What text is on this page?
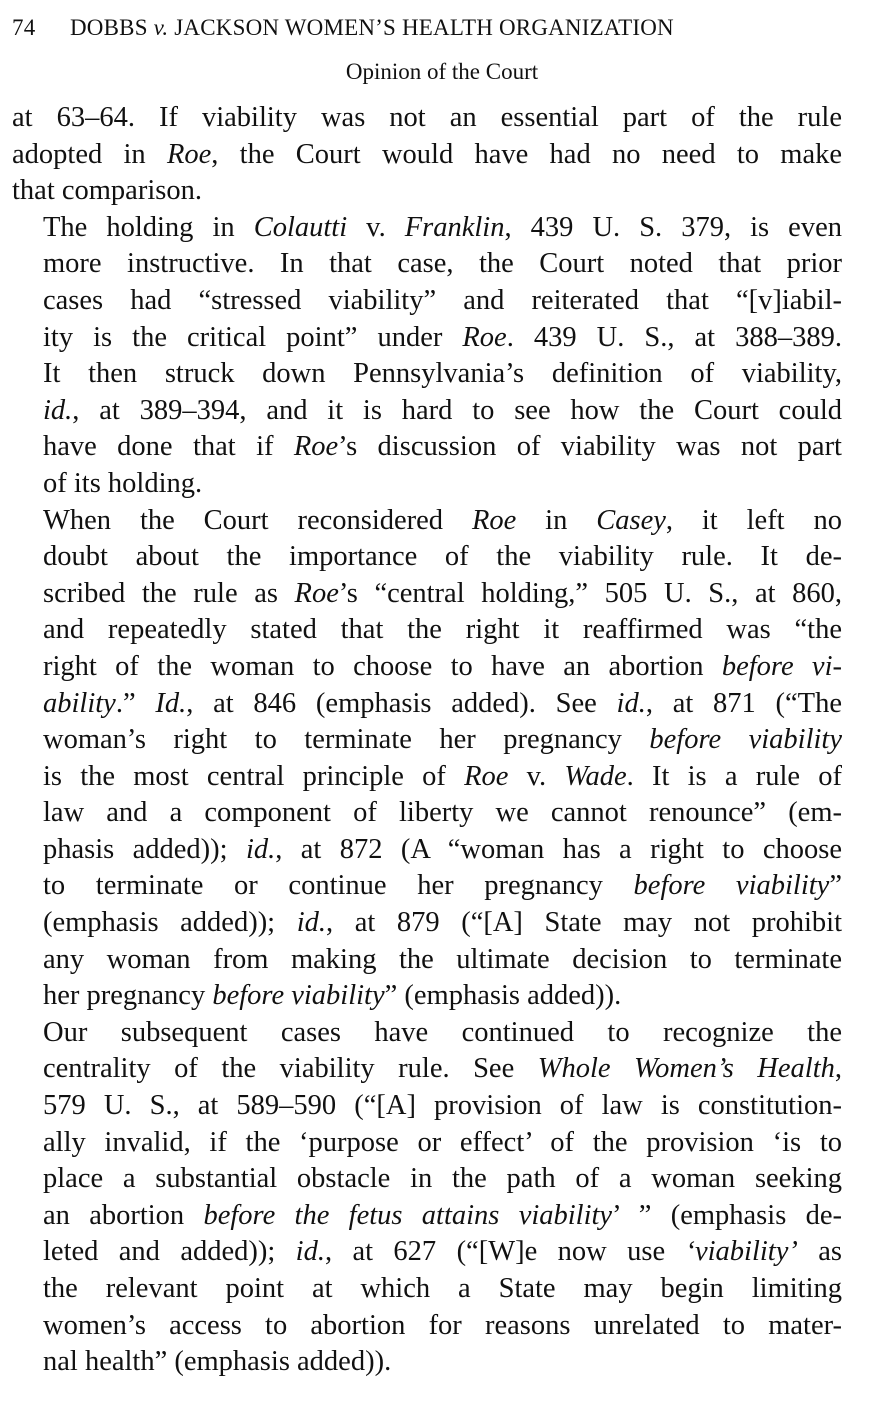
74	DOBBS v. JACKSON WOMEN’S HEALTH ORGANIZATION
Opinion of the Court
at 63–64. If viability was not an essential part of the rule
adopted in Roe, the Court would have had no need to make
that comparison.
The holding in Colautti v. Franklin, 439 U. S. 379, is even
more instructive. In that case, the Court noted that prior
cases had “stressed viability” and reiterated that “[v]iabil-
ity is the critical point” under Roe. 439 U. S., at 388–389.
It then struck down Pennsylvania’s definition of viability,
id., at 389–394, and it is hard to see how the Court could
have done that if Roe’s discussion of viability was not part
of its holding.
When the Court reconsidered Roe in Casey, it left no
doubt about the importance of the viability rule. It de-
scribed the rule as Roe’s “central holding,” 505 U. S., at 860,
and repeatedly stated that the right it reaffirmed was “the
right of the woman to choose to have an abortion before vi-
ability.” Id., at 846 (emphasis added). See id., at 871 (“The
woman’s right to terminate her pregnancy before viability
is the most central principle of Roe v. Wade. It is a rule of
law and a component of liberty we cannot renounce” (em-
phasis added)); id., at 872 (A “woman has a right to choose
to terminate or continue her pregnancy before viability”
(emphasis added)); id., at 879 (“[A] State may not prohibit
any woman from making the ultimate decision to terminate
her pregnancy before viability” (emphasis added)).
Our subsequent cases have continued to recognize the
centrality of the viability rule. See Whole Women’s Health,
579 U. S., at 589–590 (“[A] provision of law is constitution-
ally invalid, if the ‘purpose or effect’ of the provision ‘is to
place a substantial obstacle in the path of a woman seeking
an abortion before the fetus attains viability’ ” (emphasis de-
leted and added)); id., at 627 (“[W]e now use ‘viability’ as
the relevant point at which a State may begin limiting
women’s access to abortion for reasons unrelated to mater-
nal health” (emphasis added)).
